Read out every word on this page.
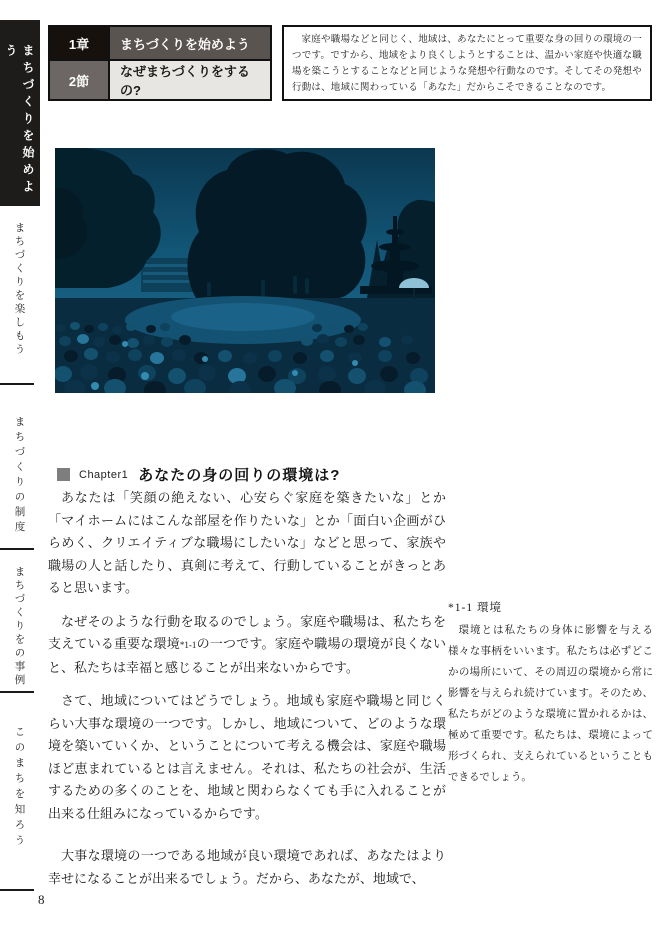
まちづくりを始めよう
まちづくりを楽しもう
まちづくりの制度
まちづくりをの事例
このまちを知ろう
1章	まちづくりを始めよう
2節
なぜまちづくりをするの?

家庭や職場などと同じく、地域は、あなたにとって重要な身の回りの環境の一つです。ですから、地域をより良くしようとすることは、温かい家庭や快適な職場を築こうとすることなどと同じような発想や行動なのです。そしてその発想や行動は、地域に関わっている「あなた」だからこそできることなのです。

Chapter1 あなたの身の回りの環境は?

あなたは「笑顔の絶えない、心安らぐ家庭を築きたいな」とか「マイホームにはこんな部屋を作りたいな」とか「面白い企画がひらめく、クリエイティブな職場にしたいな」などと思って、家族や職場の人と話したり、真剣に考えて、行動していることがきっとあると思います。

なぜそのような行動を取るのでしょう。家庭や職場は、私たちを支えている重要な環境*1-1の一つです。家庭や職場の環境が良くないと、私たちは幸福と感じることが出来ないからです。

さて、地域についてはどうでしょう。地域も家庭や職場と同じくらい大事な環境の一つです。しかし、地域について、どのような環境を築いていくか、ということについて考える機会は、家庭や職場ほど恵まれているとは言えません。それは、私たちの社会が、生活するための多くのことを、地域と関わらなくても手に入れることが出来る仕組みになっているからです。

大事な環境の一つである地域が良い環境であれば、あなたはより幸せになることが出来るでしょう。だから、あなたが、地域で、

*1-1 環境

環境とは私たちの身体に影響を与える様々な事柄をいいます。私たちは必ずどこかの場所にいて、その周辺の環境から常に影響を与えられ続けています。そのため、私たちがどのような環境に置かれるかは、極めて重要です。私たちは、環境によって形づくられ、支えられているということもできるでしょう。

8
